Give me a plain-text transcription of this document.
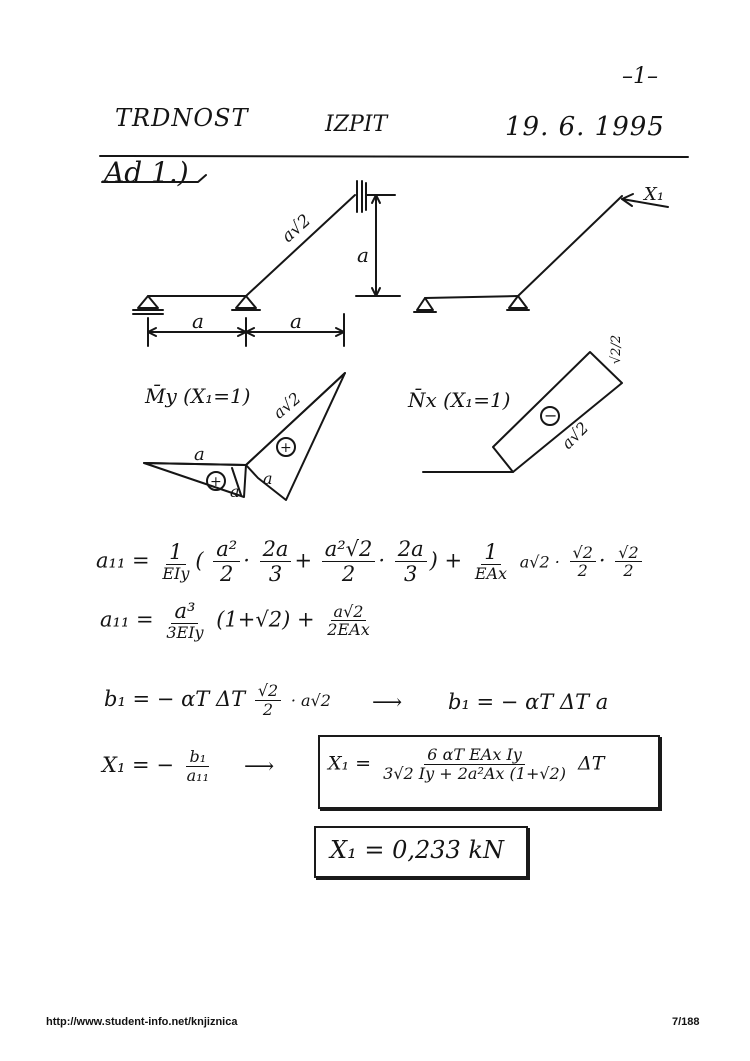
–1–
TRDNOST	IZPIT	19. 6. 1995
Ad 1.)
a	a
a
a√2
X₁
+
+
−
M̄y (X₁=1)
a
a
a
a√2	N̄x (X₁=1)
√2/2
a√2
$a_{11} = \frac{1}{\text{EIy}}$ ( $\frac{\text{a²}}{2} \cdot \frac{2a}{3} + \frac{\text{a²√2}}{2} \cdot \frac{2a}{3}$ ) + $\frac{1}{\text{EAx}} a√2 \cdot \frac{√2}{2} \cdot \frac{√2}{2}$
$a_{11} = \frac{\text{a³}}{\text{3EIy}} (1+√2) + \frac{a√2}{\text{2EAx}}$
b₁ = − αT ΔT $\frac{√2}{2} \cdot a√2$ ⟶ b₁ = − αT ΔT a
X₁ = − $\frac{\text{b₁}}{\text{a₁₁}}$ ⟶	$X_1 = \frac{\text{6 αT EAx Iy}}{\text{3√2 Iy + 2a²Ax (1+√2)}}$ ΔT
X₁ = 0,233 kN
http://www.student-info.net/knjiznica	7/188
